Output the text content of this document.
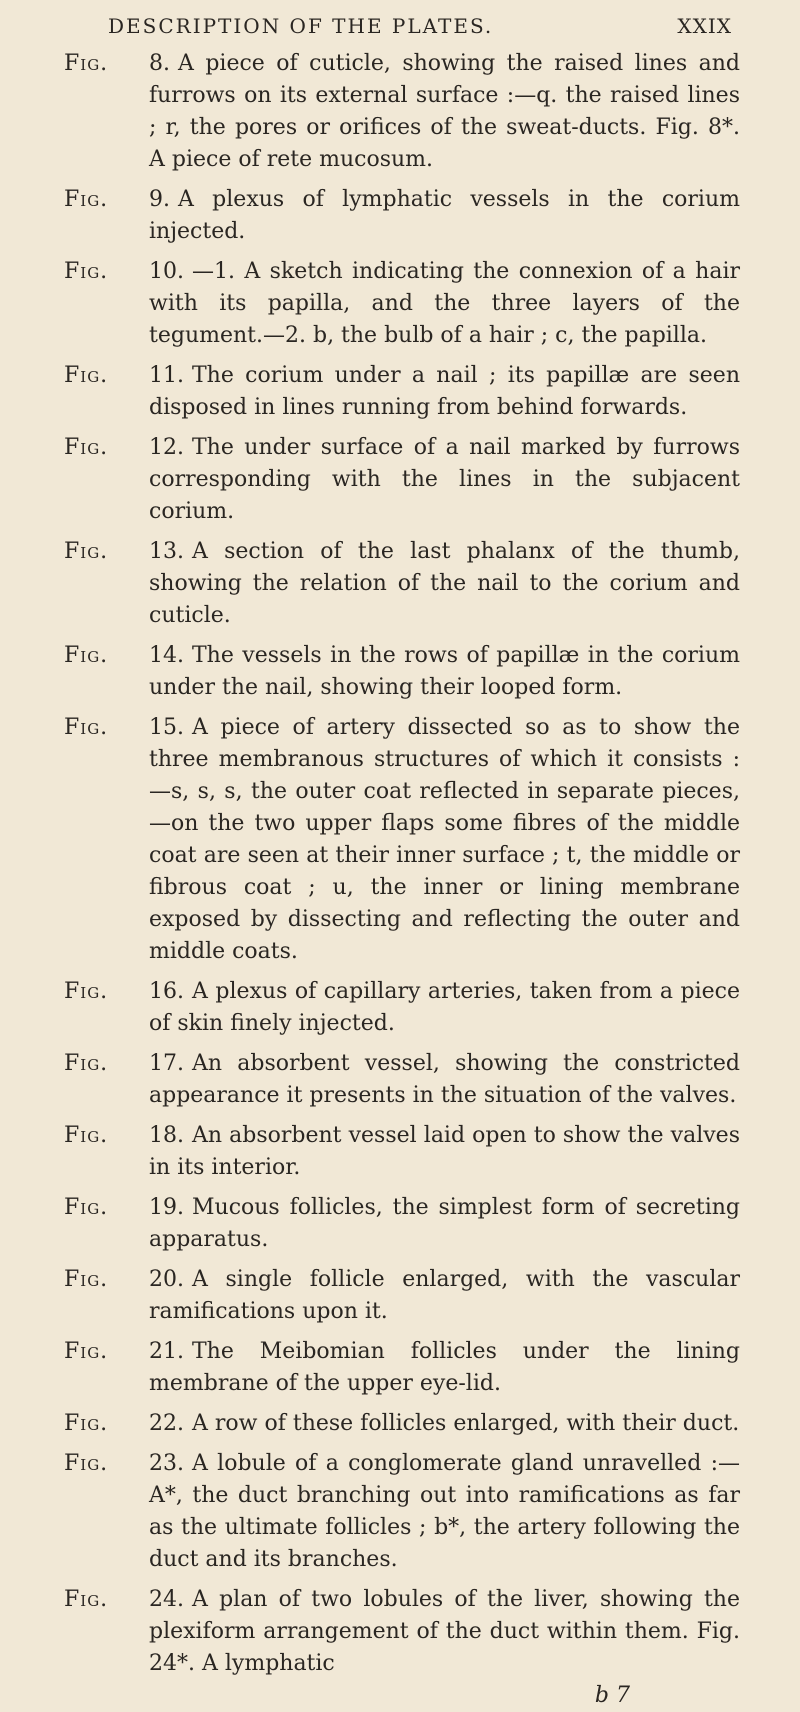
DESCRIPTION OF THE PLATES.	XXIX
Fig. 8. A piece of cuticle, showing the raised lines and furrows on its external surface :—q. the raised lines ; r, the pores or orifices of the sweat-ducts. Fig. 8*. A piece of rete mucosum.
Fig. 9. A plexus of lymphatic vessels in the corium injected.
Fig. 10. —1. A sketch indicating the connexion of a hair with its papilla, and the three layers of the tegument.—2. b, the bulb of a hair ; c, the papilla.
Fig. 11. The corium under a nail ; its papillæ are seen disposed in lines running from behind forwards.
Fig. 12. The under surface of a nail marked by furrows corresponding with the lines in the subjacent corium.
Fig. 13. A section of the last phalanx of the thumb, showing the relation of the nail to the corium and cuticle.
Fig. 14. The vessels in the rows of papillæ in the corium under the nail, showing their looped form.
Fig. 15. A piece of artery dissected so as to show the three membranous structures of which it consists :—s, s, s, the outer coat reflected in separate pieces,—on the two upper flaps some fibres of the middle coat are seen at their inner surface ; t, the middle or fibrous coat ; u, the inner or lining membrane exposed by dissecting and reflecting the outer and middle coats.
Fig. 16. A plexus of capillary arteries, taken from a piece of skin finely injected.
Fig. 17. An absorbent vessel, showing the constricted appearance it presents in the situation of the valves.
Fig. 18. An absorbent vessel laid open to show the valves in its interior.
Fig. 19. Mucous follicles, the simplest form of secreting apparatus.
Fig. 20. A single follicle enlarged, with the vascular ramifications upon it.
Fig. 21. The Meibomian follicles under the lining membrane of the upper eye-lid.
Fig. 22. A row of these follicles enlarged, with their duct.
Fig. 23. A lobule of a conglomerate gland unravelled :—A*, the duct branching out into ramifications as far as the ultimate follicles ; b*, the artery following the duct and its branches.
Fig. 24. A plan of two lobules of the liver, showing the plexiform arrangement of the duct within them. Fig. 24*. A lymphatic
b 7
